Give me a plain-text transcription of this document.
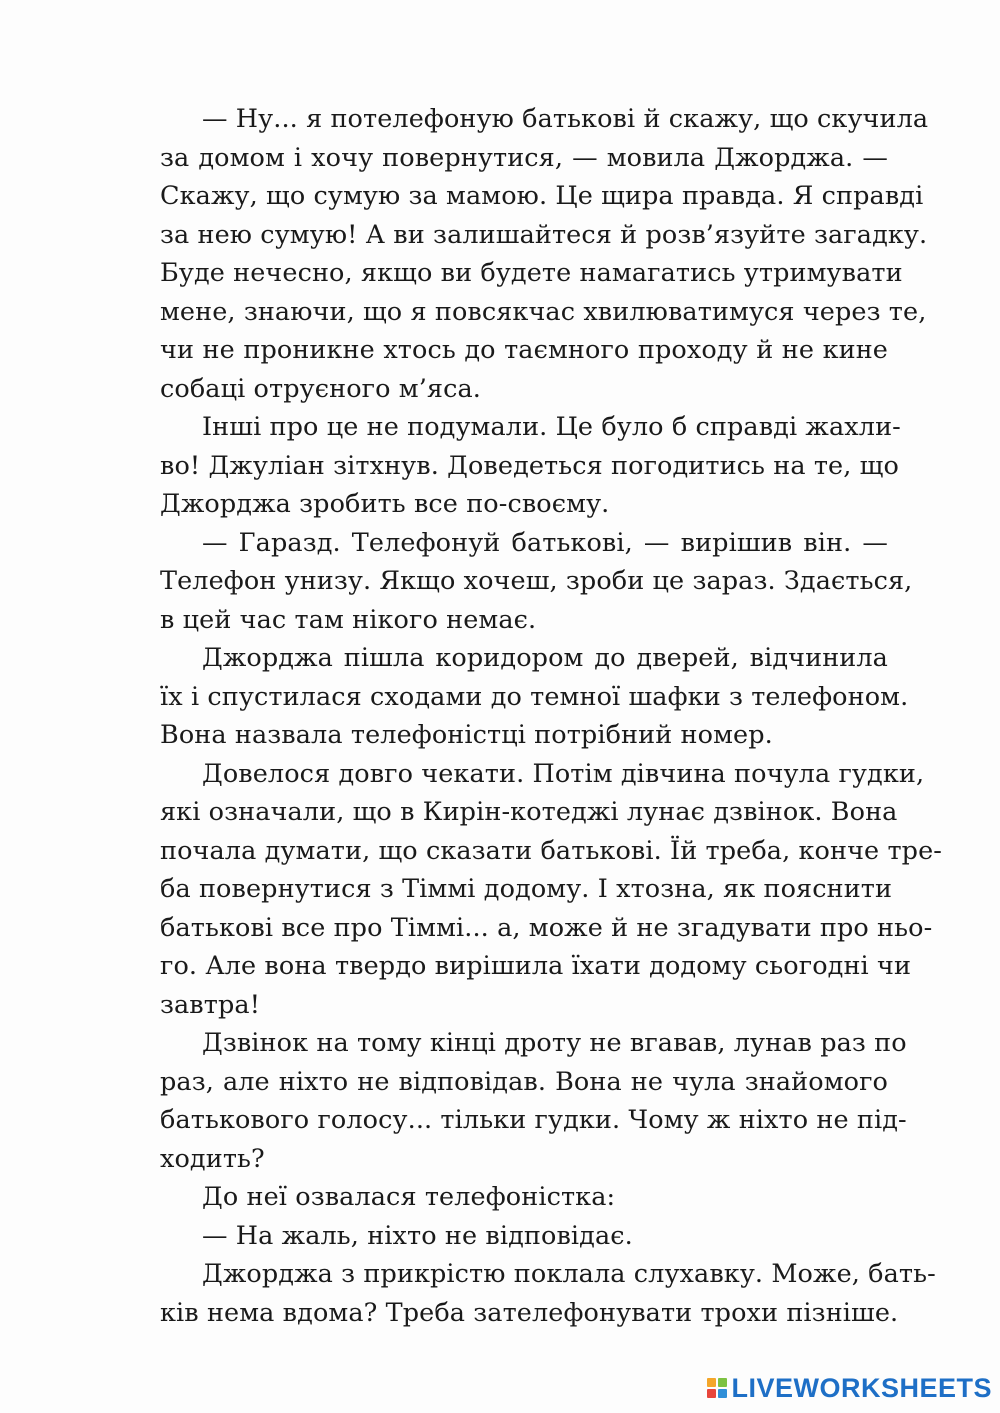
— Ну... я потелефоную батькові й скажу, що скучила
за домом і хочу повернутися, — мовила Джорджа. —
Скажу, що сумую за мамою. Це щира правда. Я справді
за нею сумую! А ви залишайтеся й розв’язуйте загадку.
Буде нечесно, якщо ви будете намагатись утримувати
мене, знаючи, що я повсякчас хвилюватимуся через те,
чи не проникне хтось до таємного проходу й не кине
собаці отруєного м’яса.
Інші про це не подумали. Це було б справді жахли-
во! Джуліан зітхнув. Доведеться погодитись на те, що
Джорджа зробить все по-своєму.
— Гаразд. Телефонуй батькові, — вирішив він. —
Телефон унизу. Якщо хочеш, зроби це зараз. Здається,
в цей час там нікого немає.
Джорджа пішла коридором до дверей, відчинила
їх і спустилася сходами до темної шафки з телефоном.
Вона назвала телефоністці потрібний номер.
Довелося довго чекати. Потім дівчина почула гудки,
які означали, що в Кирін-котеджі лунає дзвінок. Вона
почала думати, що сказати батькові. Їй треба, конче тре-
ба повернутися з Тіммі додому. І хтозна, як пояснити
батькові все про Тіммі... а, може й не згадувати про ньо-
го. Але вона твердо вирішила їхати додому сьогодні чи
завтра!
Дзвінок на тому кінці дроту не вгавав, лунав раз по
раз, але ніхто не відповідав. Вона не чула знайомого
батькового голосу... тільки гудки. Чому ж ніхто не під-
ходить?
До неї озвалася телефоністка:
— На жаль, ніхто не відповідає.
Джорджа з прикрістю поклала слухавку. Може, бать-
ків нема вдома? Треба зателефонувати трохи пізніше.
LIVEWORKSHEETS
